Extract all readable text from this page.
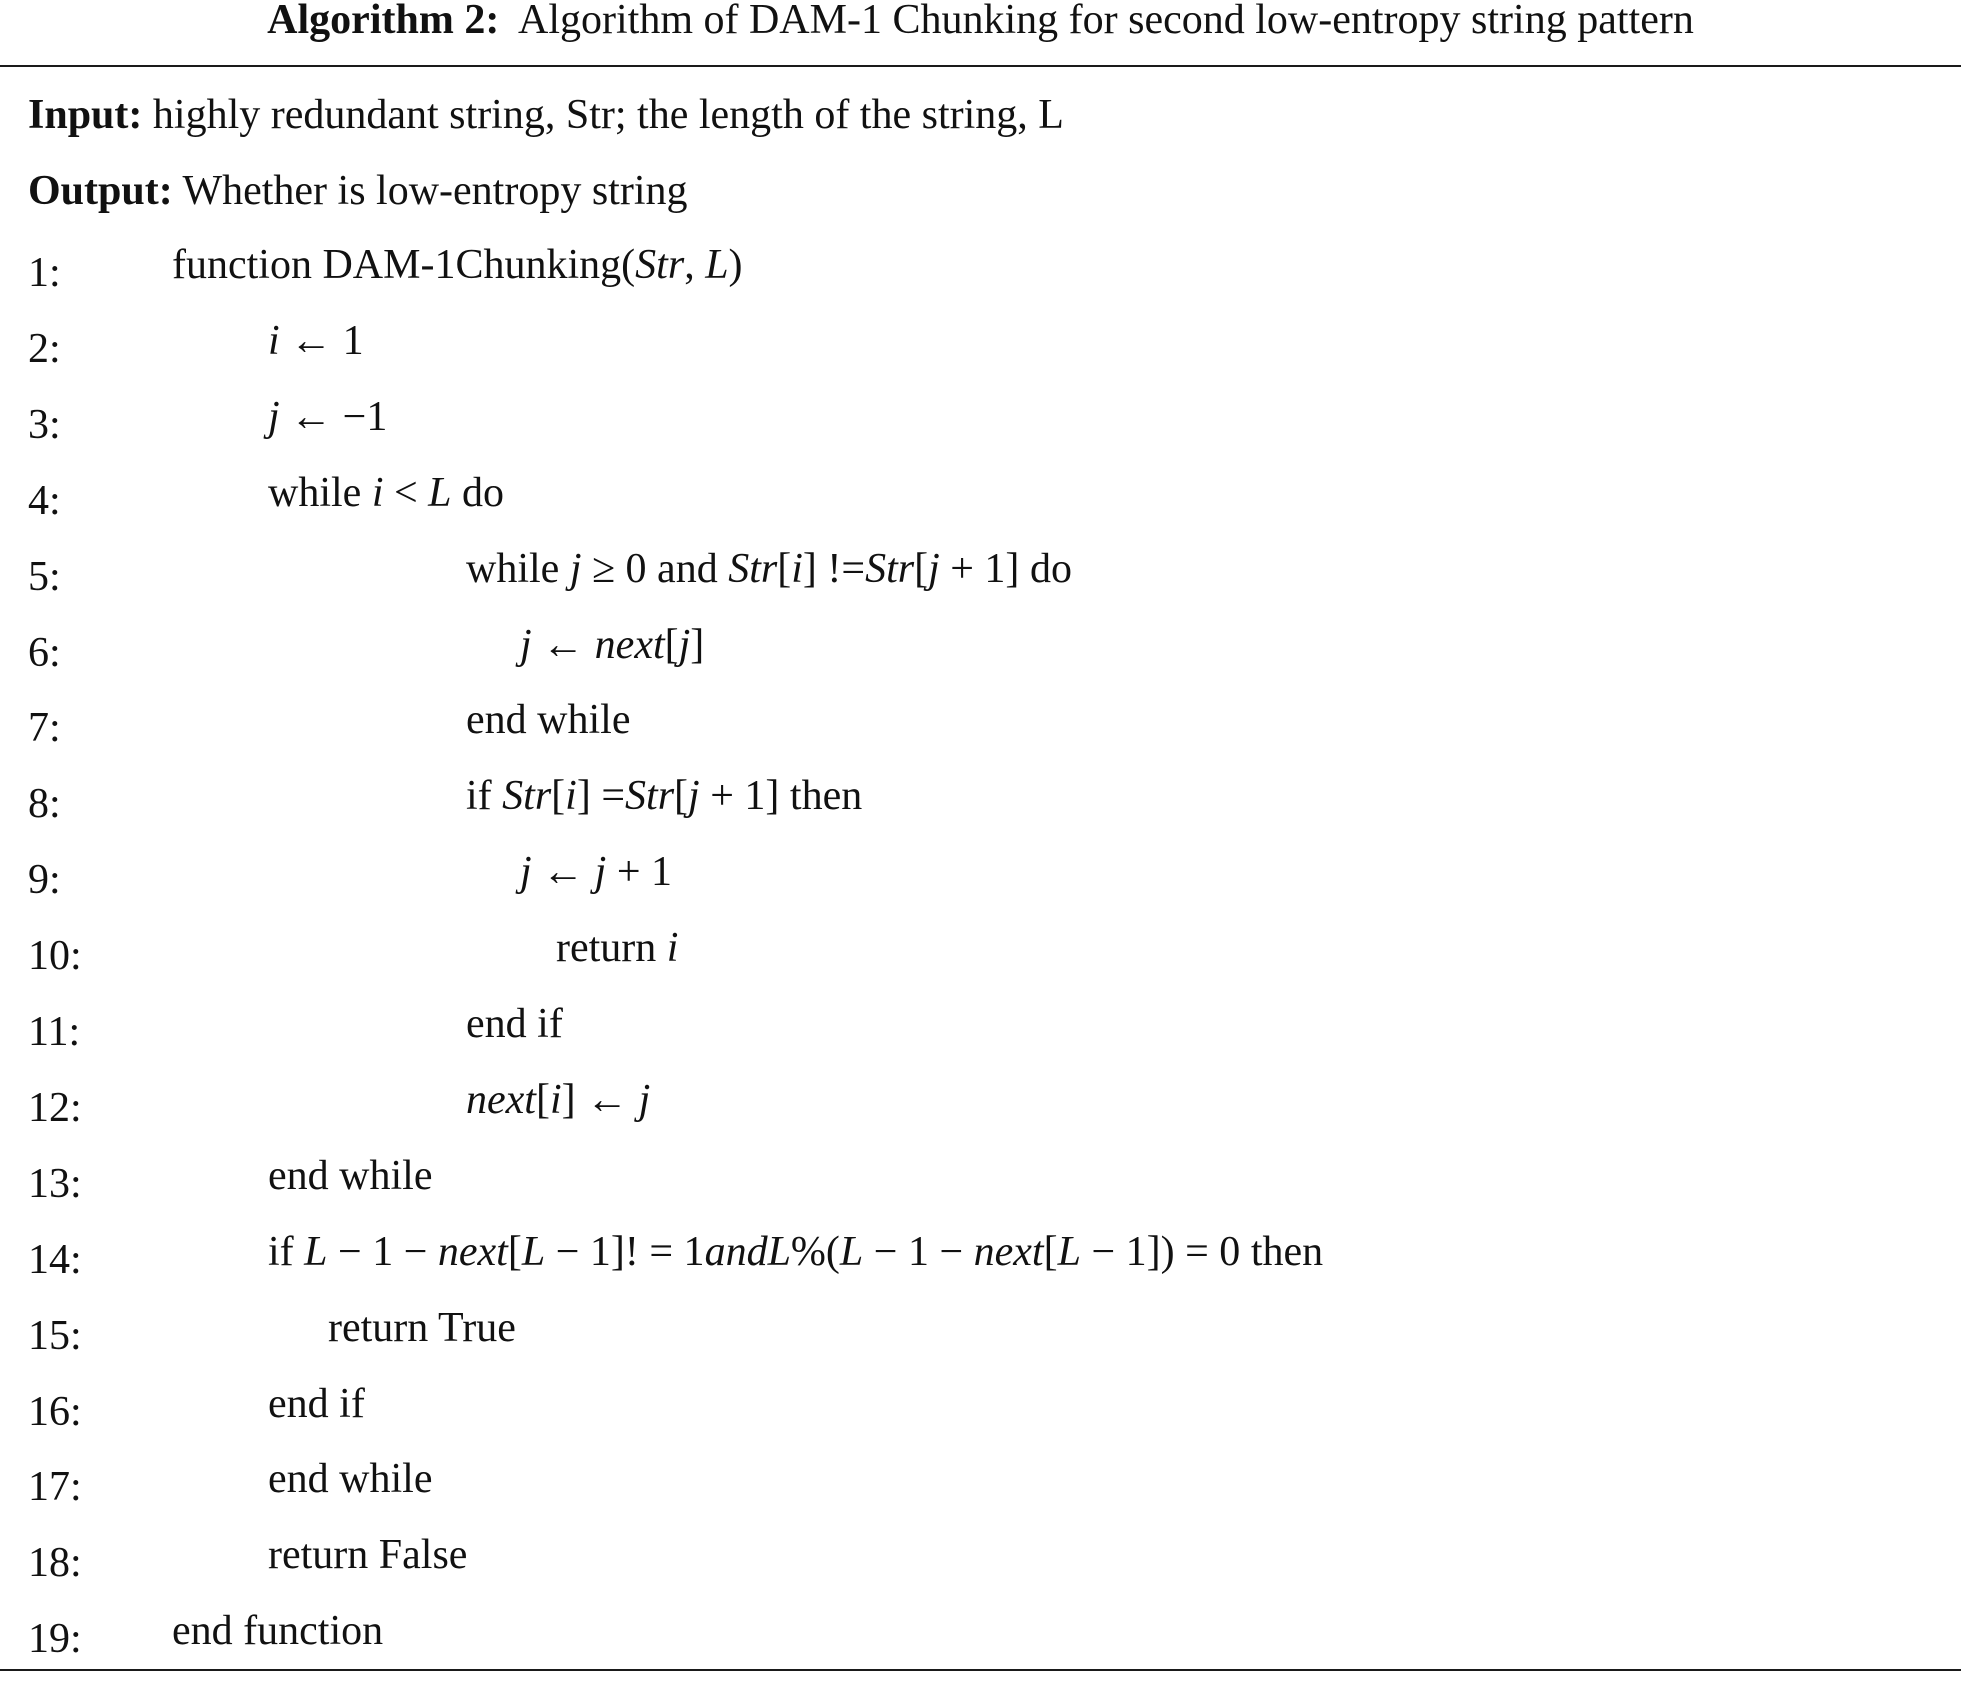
Algorithm 2: Algorithm of DAM-1 Chunking for second low-entropy string pattern
Input: highly redundant string, Str; the length of the string, L
Output: Whether is low-entropy string
1:	function DAM-1Chunking(Str, L)
2:	i ← 1
3:	j ← −1
4:	while i < L do
5:	while j ≥ 0 and Str[i] !=Str[j + 1] do
6:	j ← next[j]
7:	end while
8:	if Str[i] =Str[j + 1] then
9:	j ← j + 1
10:	return i
11:	end if
12:	next[i] ← j
13:	end while
14:	if L − 1 − next[L − 1]! = 1andL%(L − 1 − next[L − 1]) = 0 then
15:	return True
16:	end if
17:	end while
18:	return False
19: end function
